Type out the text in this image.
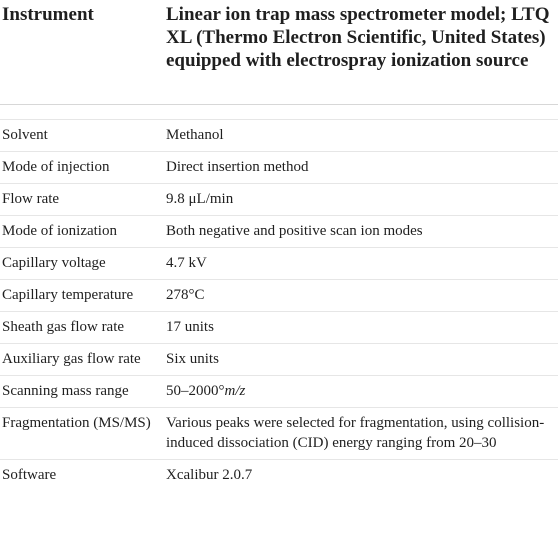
Instrument	Linear ion trap mass spectrometer model; LTQ XL (Thermo Electron Scientific, United States) equipped with electrospray ionization source

Solvent	Methanol
Mode of injection	Direct insertion method
Flow rate	9.8 μL/min
Mode of ionization	Both negative and positive scan ion modes
Capillary voltage	4.7 kV
Capillary temperature	278°C
Sheath gas flow rate	17 units
Auxiliary gas flow rate	Six units
Scanning mass range	50–2000°m/z
Fragmentation (MS/MS)	Various peaks were selected for fragmentation, using collision-induced dissociation (CID) energy ranging from 20–30
Software	Xcalibur 2.0.7
